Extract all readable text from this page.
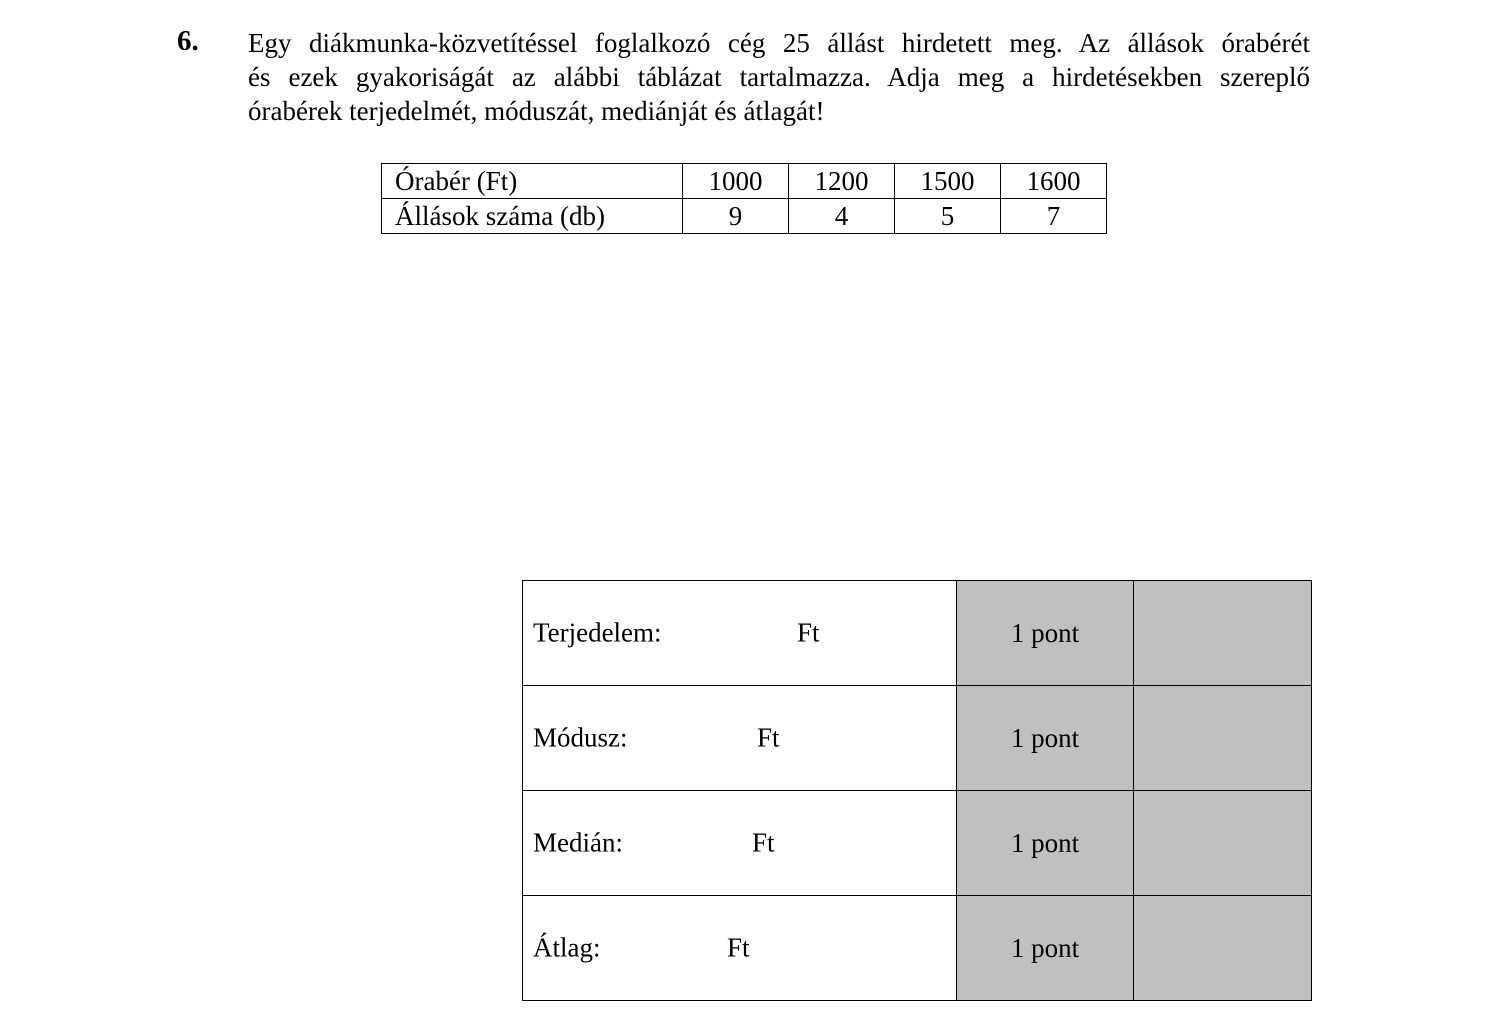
6. Egy diákmunka-közvetítéssel foglalkozó cég 25 állást hirdetett meg. Az állások órabérét
és ezek gyakoriságát az alábbi táblázat tartalmazza. Adja meg a hirdetésekben szereplő
órabérek terjedelmét, móduszát, mediánját és átlagát!
Órabér (Ft)	1000	1200	1500	1600
Állások száma (db)	9	4	5	7
Terjedelem: Ft	1 pont	

Módusz: Ft	1 pont	

Medián: Ft	1 pont	

Átlag: Ft	1 pont	
